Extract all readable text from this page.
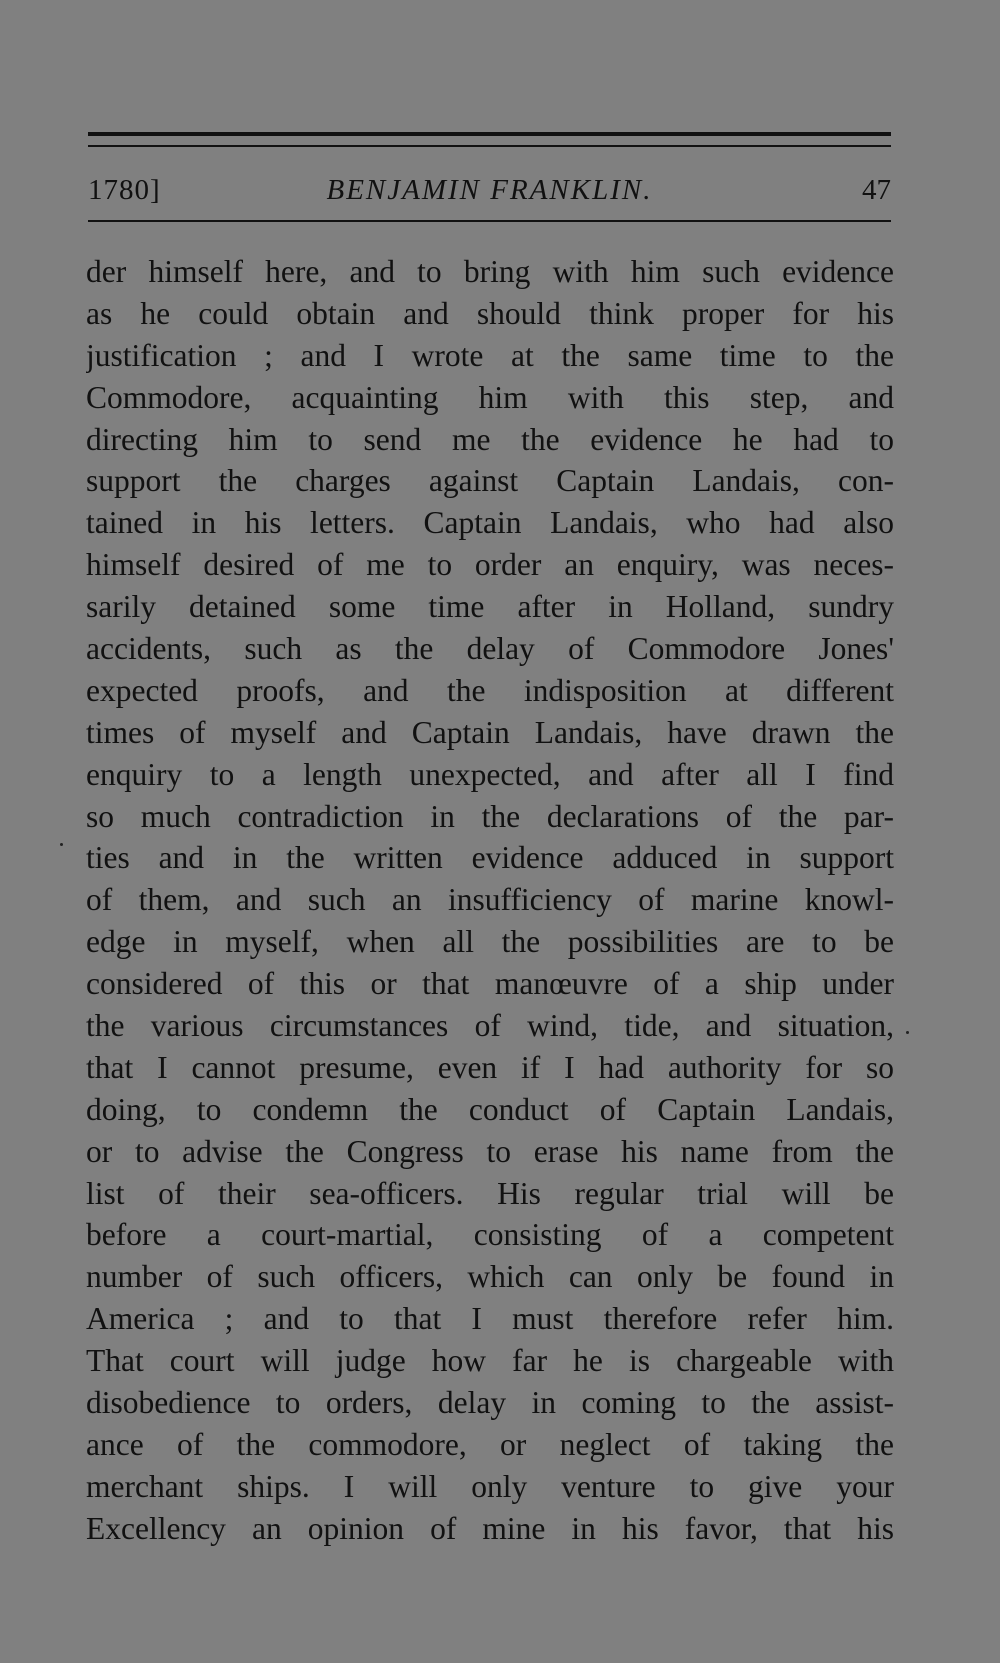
1780]	BENJAMIN FRANKLIN.	47
der himself here, and to bring with him such evidence
as he could obtain and should think proper for his
justification ; and I wrote at the same time to the
Commodore, acquainting him with this step, and
directing him to send me the evidence he had to
support the charges against Captain Landais, con-
tained in his letters. Captain Landais, who had also
himself desired of me to order an enquiry, was neces-
sarily detained some time after in Holland, sundry
accidents, such as the delay of Commodore Jones'
expected proofs, and the indisposition at different
times of myself and Captain Landais, have drawn the
enquiry to a length unexpected, and after all I find
so much contradiction in the declarations of the par-
ties and in the written evidence adduced in support
of them, and such an insufficiency of marine knowl-
edge in myself, when all the possibilities are to be
considered of this or that manœuvre of a ship under
the various circumstances of wind, tide, and situation,
that I cannot presume, even if I had authority for so
doing, to condemn the conduct of Captain Landais,
or to advise the Congress to erase his name from the
list of their sea-officers. His regular trial will be
before a court-martial, consisting of a competent
number of such officers, which can only be found in
America ; and to that I must therefore refer him.
That court will judge how far he is chargeable with
disobedience to orders, delay in coming to the assist-
ance of the commodore, or neglect of taking the
merchant ships. I will only venture to give your
Excellency an opinion of mine in his favor, that his
